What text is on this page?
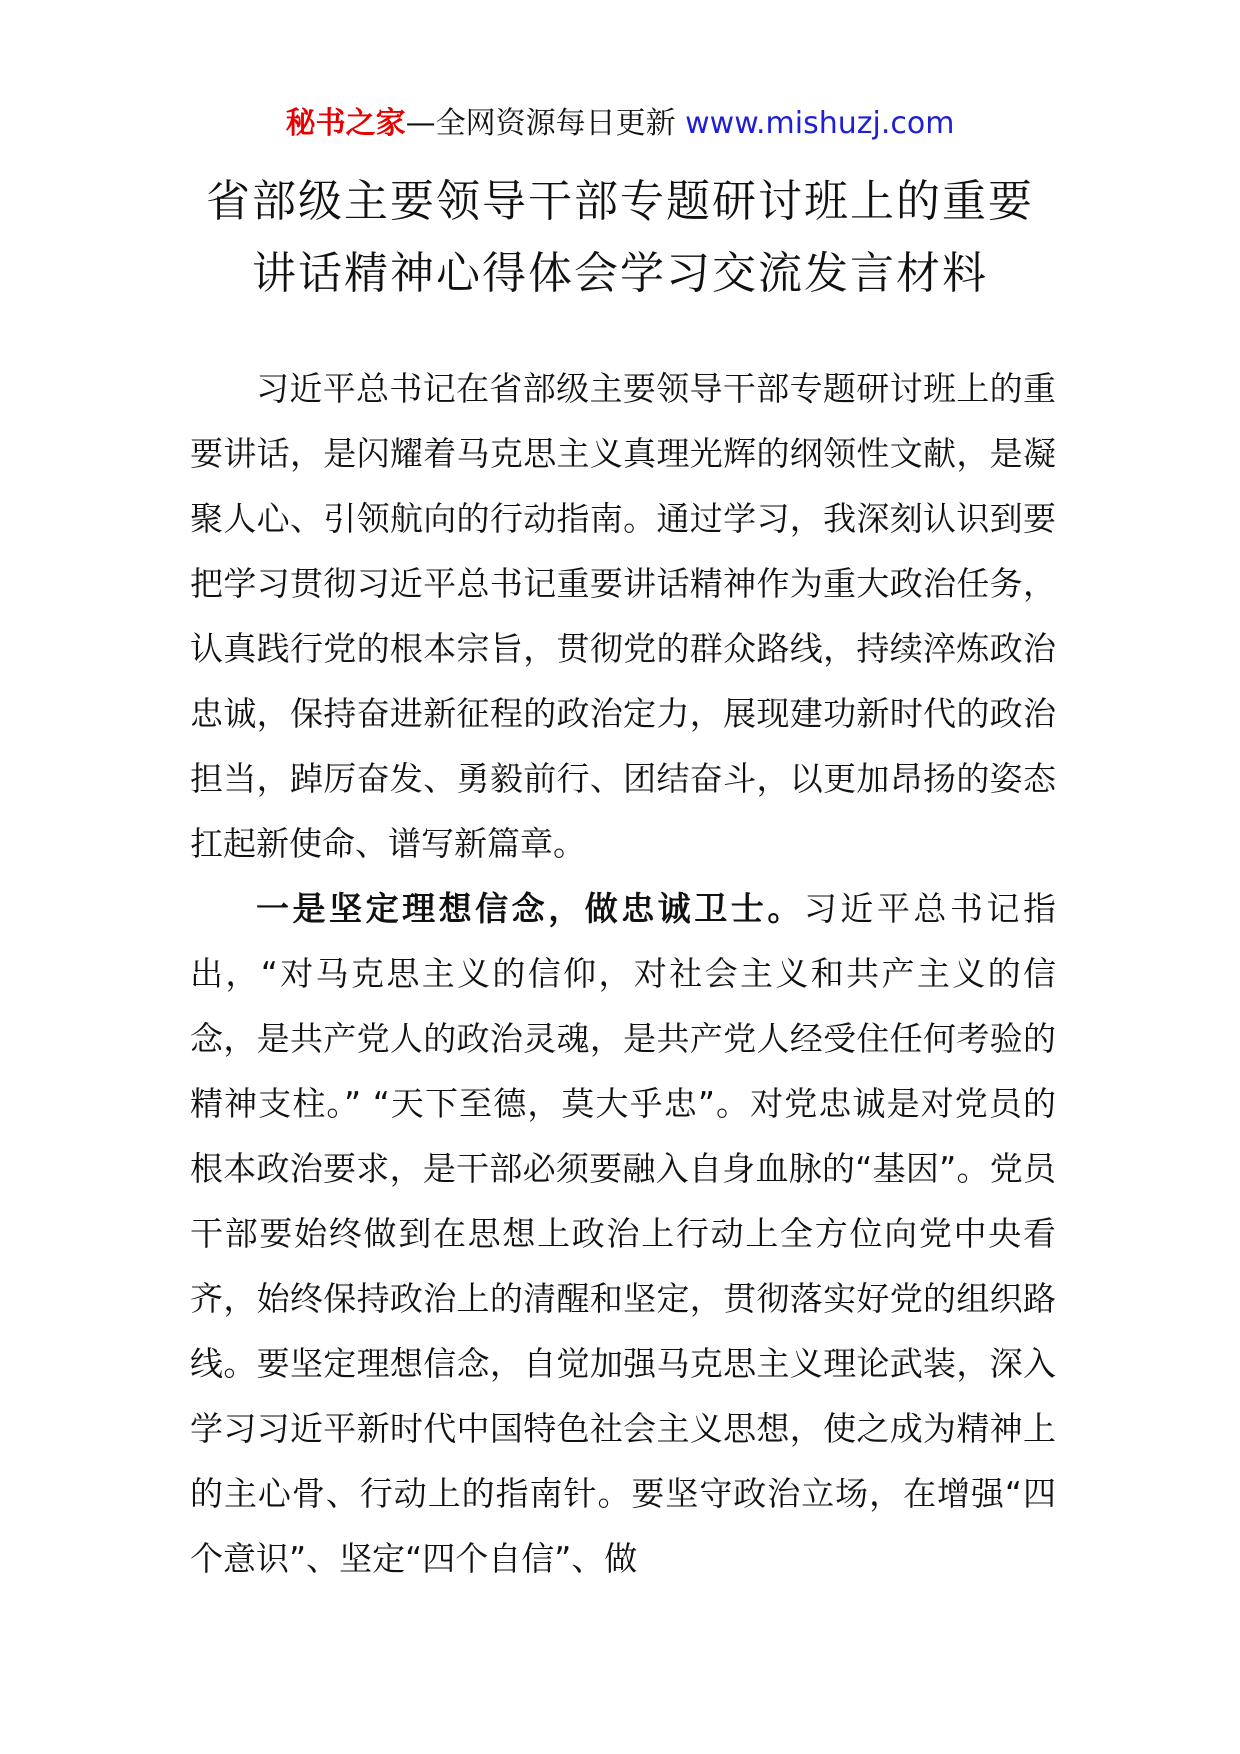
秘书之家—全网资源每日更新 www.mishuzj.com
省部级主要领导干部专题研讨班上的重要
讲话精神心得体会学习交流发言材料

习近平总书记在省部级主要领导干部专题研讨班上的重要讲话，是闪耀着马克思主义真理光辉的纲领性文献，是凝聚人心、引领航向的行动指南。通过学习，我深刻认识到要把学习贯彻习近平总书记重要讲话精神作为重大政治任务，认真践行党的根本宗旨，贯彻党的群众路线，持续淬炼政治忠诚，保持奋进新征程的政治定力，展现建功新时代的政治担当，踔厉奋发、勇毅前行、团结奋斗，以更加昂扬的姿态扛起新使命、谱写新篇章。

一是坚定理想信念，做忠诚卫士。习近平总书记指出，“对马克思主义的信仰，对社会主义和共产主义的信念，是共产党人的政治灵魂，是共产党人经受住任何考验的精神支柱。” “天下至德，莫大乎忠”。对党忠诚是对党员的根本政治要求，是干部必须要融入自身血脉的“基因”。党员干部要始终做到在思想上政治上行动上全方位向党中央看齐，始终保持政治上的清醒和坚定，贯彻落实好党的组织路线。要坚定理想信念，自觉加强马克思主义理论武装，深入学习习近平新时代中国特色社会主义思想，使之成为精神上的主心骨、行动上的指南针。要坚守政治立场，在增强“四个意识”、坚定“四个自信”、做
